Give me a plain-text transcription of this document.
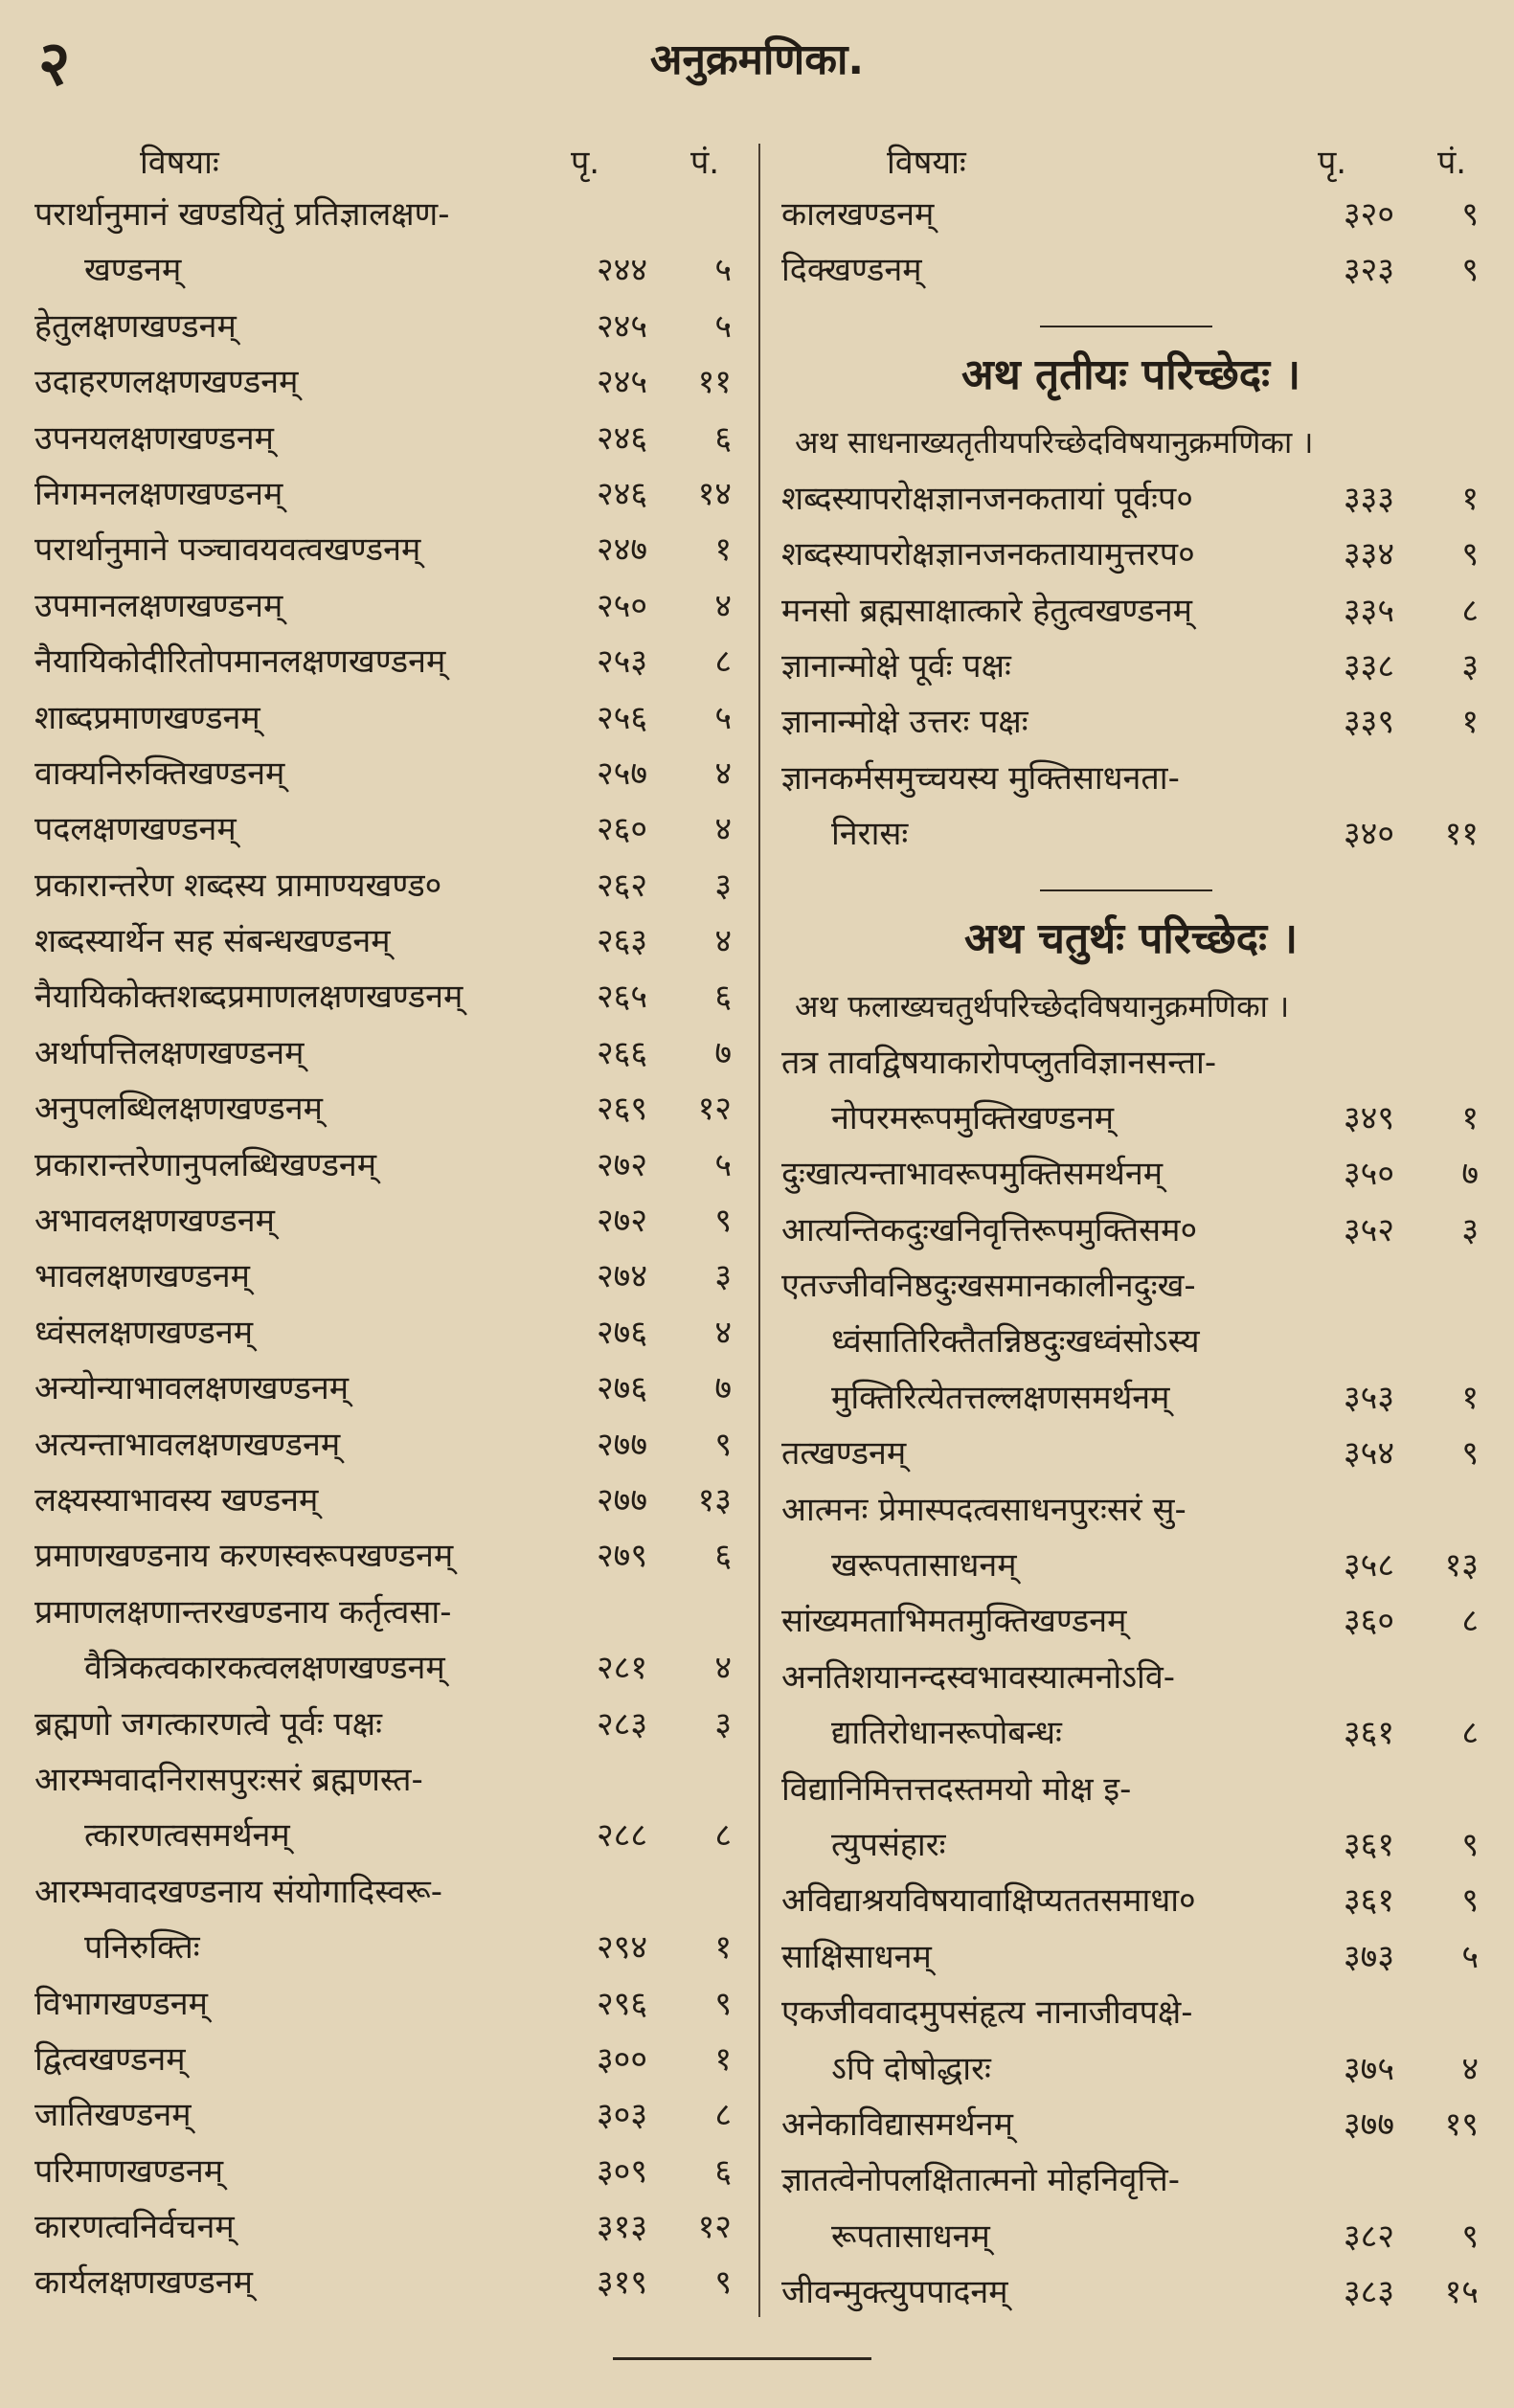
२	अनुक्रमणिका.
विषयाः	पृ.	पं.
परार्थानुमानं खण्डयितुं प्रतिज्ञालक्षण-
खण्डनम्	२४४	५
हेतुलक्षणखण्डनम्	२४५	५
उदाहरणलक्षणखण्डनम्	२४५	११
उपनयलक्षणखण्डनम्	२४६	६
निगमनलक्षणखण्डनम्	२४६	१४
परार्थानुमाने पञ्चावयवत्वखण्डनम्	२४७	१
उपमानलक्षणखण्डनम्	२५०	४
नैयायिकोदीरितोपमानलक्षणखण्डनम्	२५३	८
शाब्दप्रमाणखण्डनम्	२५६	५
वाक्यनिरुक्तिखण्डनम्	२५७	४
पदलक्षणखण्डनम्	२६०	४
प्रकारान्तरेण शब्दस्य प्रामाण्यखण्ड०	२६२	३
शब्दस्यार्थेन सह संबन्धखण्डनम्	२६३	४
नैयायिकोक्तशब्दप्रमाणलक्षणखण्डनम्	२६५	६
अर्थापत्तिलक्षणखण्डनम्	२६६	७
अनुपलब्धिलक्षणखण्डनम्	२६९	१२
प्रकारान्तरेणानुपलब्धिखण्डनम्	२७२	५
अभावलक्षणखण्डनम्	२७२	९
भावलक्षणखण्डनम्	२७४	३
ध्वंसलक्षणखण्डनम्	२७६	४
अन्योन्याभावलक्षणखण्डनम्	२७६	७
अत्यन्ताभावलक्षणखण्डनम्	२७७	९
लक्ष्यस्याभावस्य खण्डनम्	२७७	१३
प्रमाणखण्डनाय करणस्वरूपखण्डनम्	२७९	६
प्रमाणलक्षणान्तरखण्डनाय कर्तृत्वसा-
वैत्रिकत्वकारकत्वलक्षणखण्डनम्	२८१	४
ब्रह्मणो जगत्कारणत्वे पूर्वः पक्षः	२८३	३
आरम्भवादनिरासपुरःसरं ब्रह्मणस्त-
त्कारणत्वसमर्थनम्	२८८	८
आरम्भवादखण्डनाय संयोगादिस्वरू-
पनिरुक्तिः	२९४	१
विभागखण्डनम्	२९६	९
द्वित्वखण्डनम्	३००	१
जातिखण्डनम्	३०३	८
परिमाणखण्डनम्	३०९	६
कारणत्वनिर्वचनम्	३१३	१२
कार्यलक्षणखण्डनम्	३१९	९
विषयाः	पृ.	पं.
कालखण्डनम्	३२०	९
दिक्खण्डनम्	३२३	९
अथ तृतीयः परिच्छेदः ।
अथ साधनाख्यतृतीयपरिच्छेदविषयानुक्रमणिका ।
शब्दस्यापरोक्षज्ञानजनकतायां पूर्वःप०	३३३	१
शब्दस्यापरोक्षज्ञानजनकतायामुत्तरप०	३३४	९
मनसो ब्रह्मसाक्षात्कारे हेतुत्वखण्डनम्	३३५	८
ज्ञानान्मोक्षे पूर्वः पक्षः	३३८	३
ज्ञानान्मोक्षे उत्तरः पक्षः	३३९	१
ज्ञानकर्मसमुच्चयस्य मुक्तिसाधनता-
निरासः	३४०	११
अथ चतुर्थः परिच्छेदः ।
अथ फलाख्यचतुर्थपरिच्छेदविषयानुक्रमणिका ।
तत्र तावद्विषयाकारोपप्लुतविज्ञानसन्ता-
नोपरमरूपमुक्तिखण्डनम्	३४९	१
दुःखात्यन्ताभावरूपमुक्तिसमर्थनम्	३५०	७
आत्यन्तिकदुःखनिवृत्तिरूपमुक्तिसम०	३५२	३
एतज्जीवनिष्ठदुःखसमानकालीनदुःख-
ध्वंसातिरिक्तैतन्निष्ठदुःखध्वंसोऽस्य
मुक्तिरित्येतत्तल्लक्षणसमर्थनम्	३५३	१
तत्खण्डनम्	३५४	९
आत्मनः प्रेमास्पदत्वसाधनपुरःसरं सु-
खरूपतासाधनम्	३५८	१३
सांख्यमताभिमतमुक्तिखण्डनम्	३६०	८
अनतिशयानन्दस्वभावस्यात्मनोऽवि-
द्यातिरोधानरूपोबन्धः	३६१	८
विद्यानिमित्तत्तदस्तमयो मोक्ष इ-
त्युपसंहारः	३६१	९
अविद्याश्रयविषयावाक्षिप्यततसमाधा०	३६१	९
साक्षिसाधनम्	३७३	५
एकजीववादमुपसंहृत्य नानाजीवपक्षे-
ऽपि दोषोद्धारः	३७५	४
अनेकाविद्यासमर्थनम्	३७७	१९
ज्ञातत्वेनोपलक्षितात्मनो मोहनिवृत्ति-
रूपतासाधनम्	३८२	९
जीवन्मुक्त्युपपादनम्	३८३	१५
